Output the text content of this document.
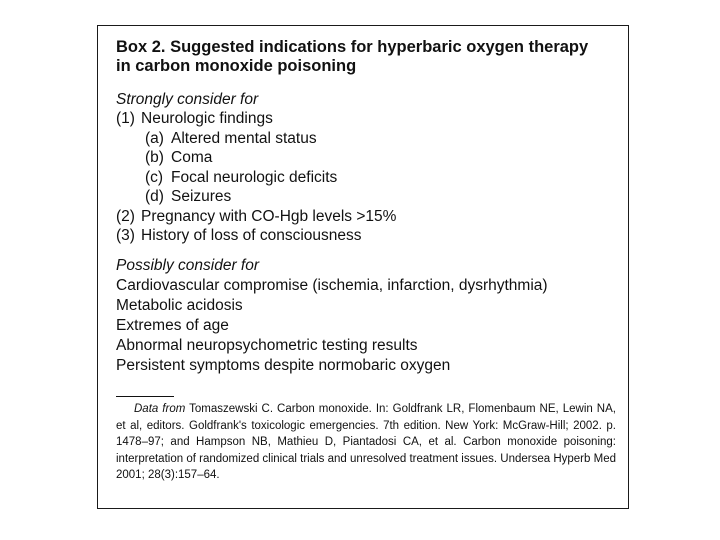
Box 2. Suggested indications for hyperbaric oxygen therapy
in carbon monoxide poisoning
Strongly consider for
(1) Neurologic findings
(a) Altered mental status
(b) Coma
(c) Focal neurologic deficits
(d) Seizures
(2) Pregnancy with CO-Hgb levels >15%
(3) History of loss of consciousness
Possibly consider for
Cardiovascular compromise (ischemia, infarction, dysrhythmia)
Metabolic acidosis
Extremes of age
Abnormal neuropsychometric testing results
Persistent symptoms despite normobaric oxygen
Data from Tomaszewski C. Carbon monoxide. In: Goldfrank LR, Flomenbaum NE, Lewin NA, et al, editors. Goldfrank's toxicologic emergencies. 7th edition. New York: McGraw-Hill; 2002. p. 1478–97; and Hampson NB, Mathieu D, Piantadosi CA, et al. Carbon monoxide poisoning: interpretation of randomized clinical trials and unresolved treatment issues. Undersea Hyperb Med 2001; 28(3):157–64.
